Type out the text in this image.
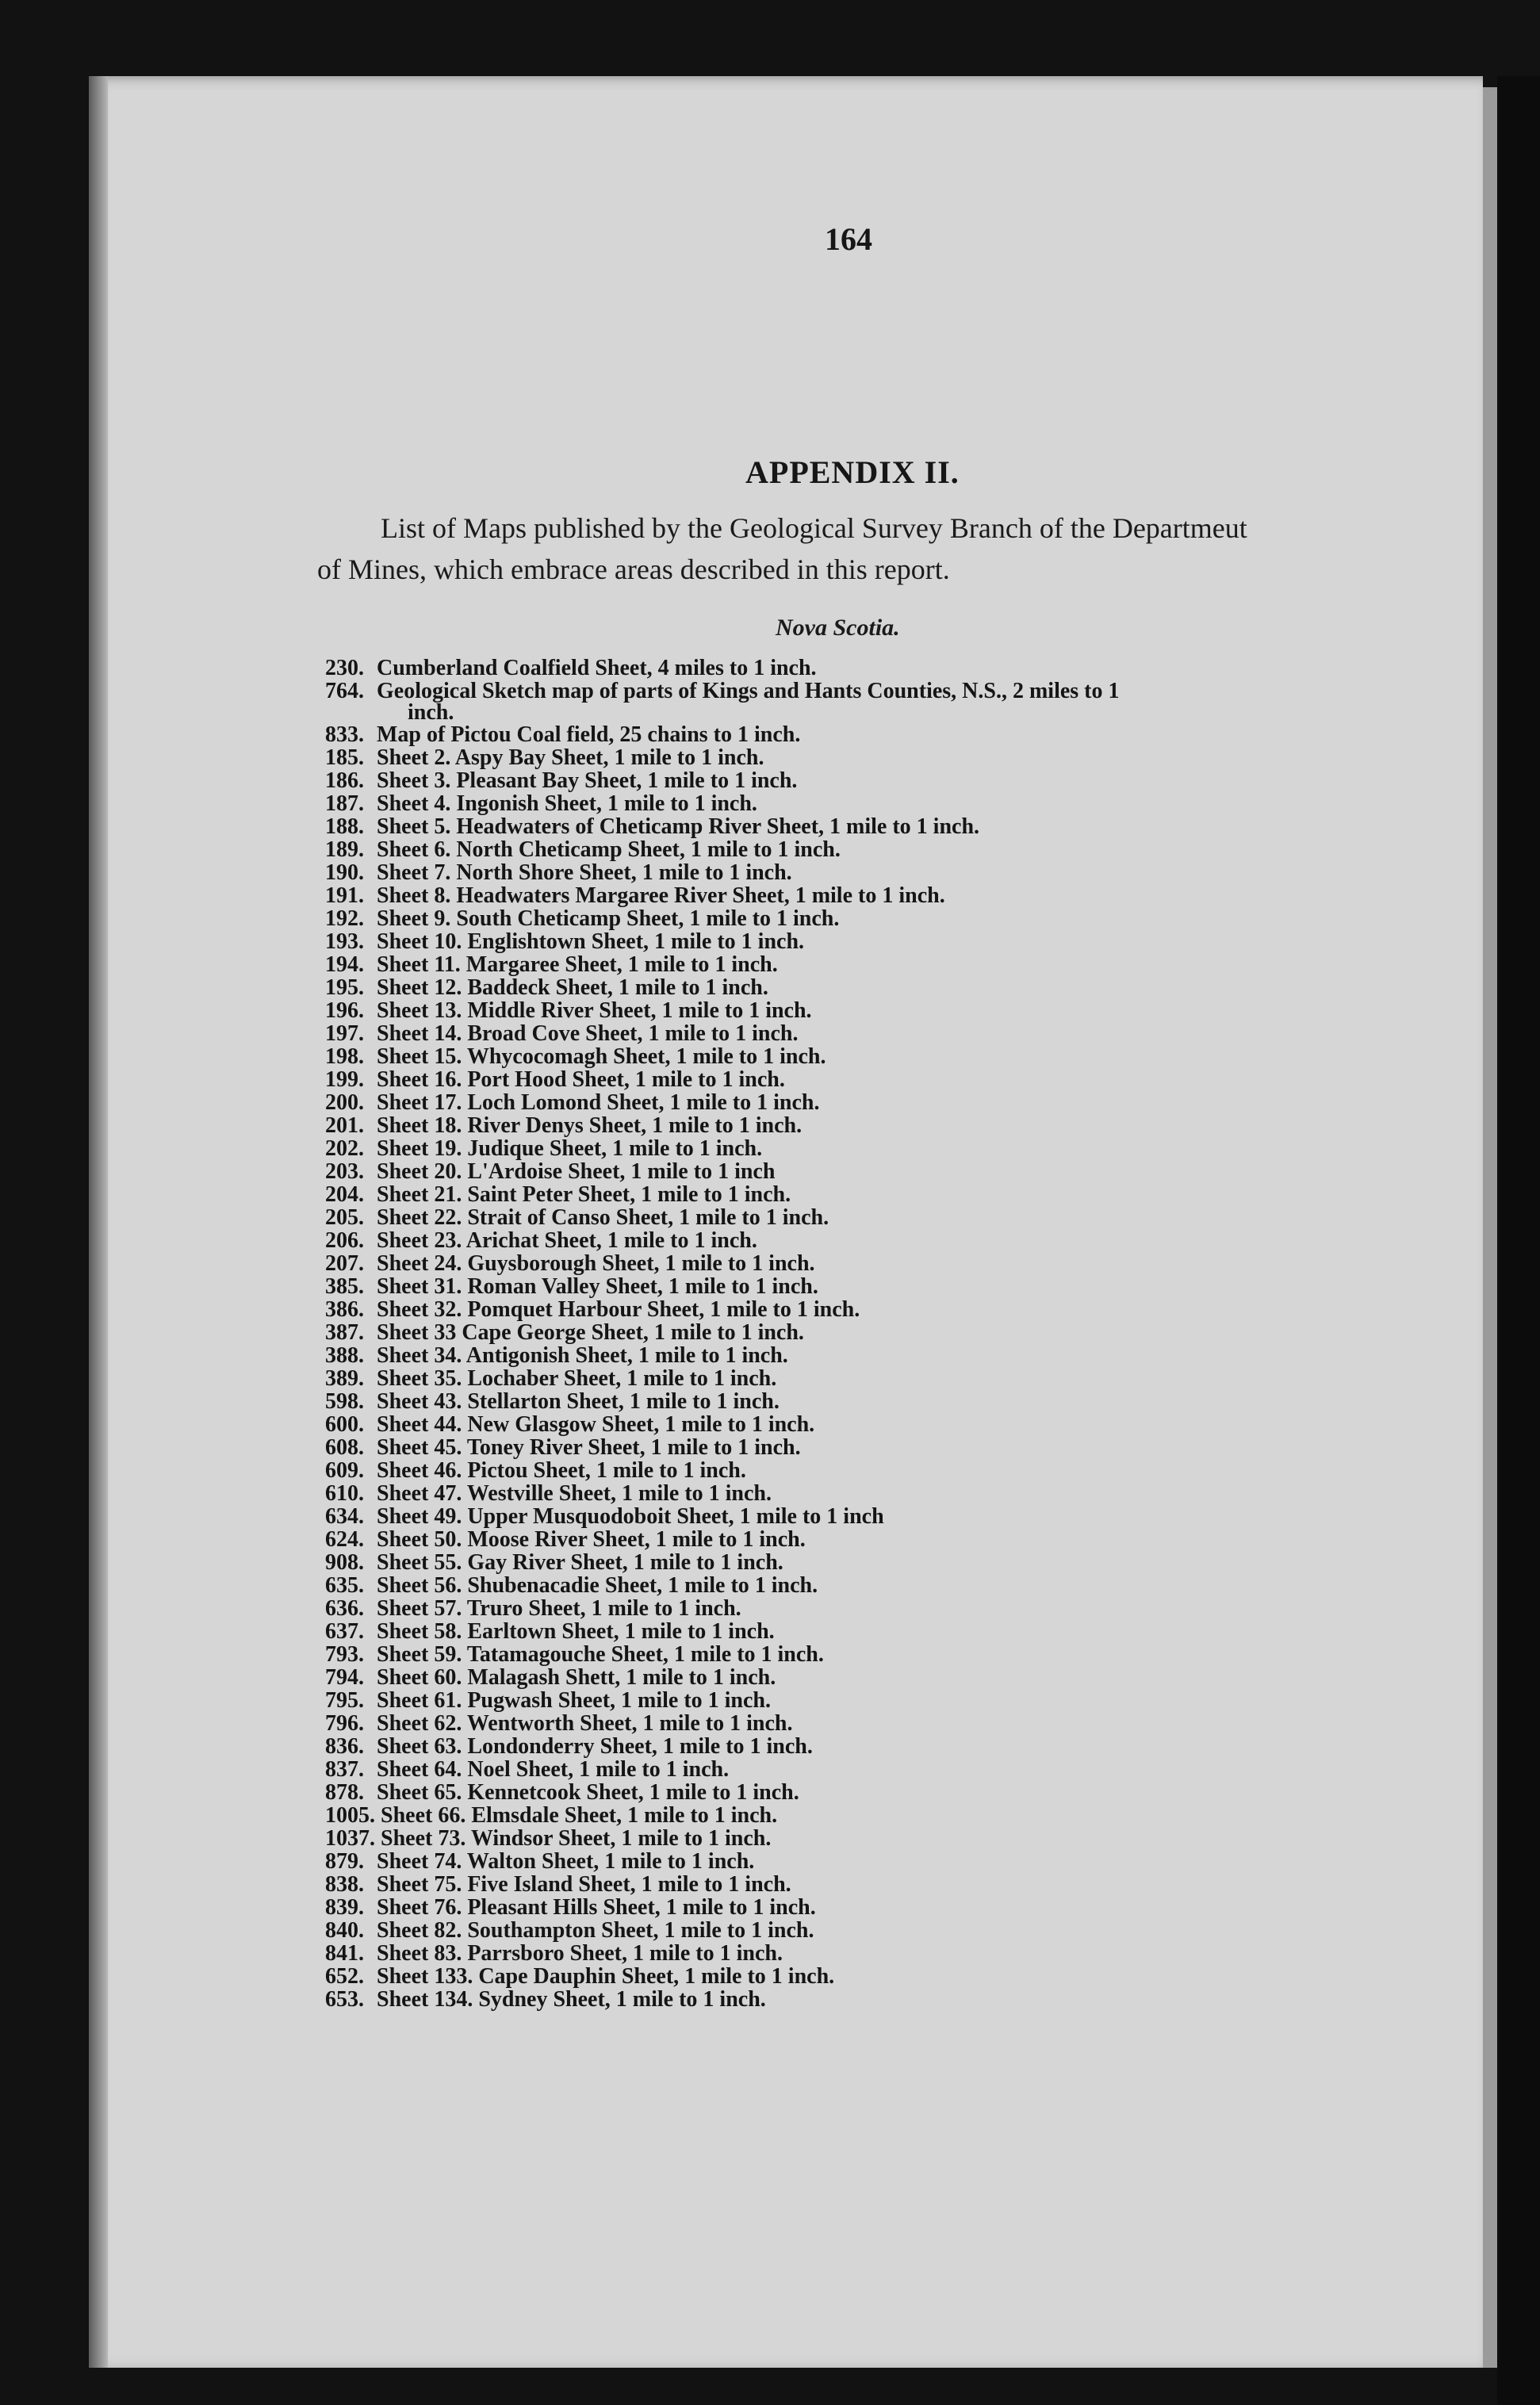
164
APPENDIX II.
List of Maps published by the Geological Survey Branch of the Departmeut
of Mines, which embrace areas described in this report.
Nova Scotia.
230. Cumberland Coalfield Sheet, 4 miles to 1 inch.
764. Geological Sketch map of parts of Kings and Hants Counties, N.S., 2 miles to 1
inch.
833. Map of Pictou Coal field, 25 chains to 1 inch.
185. Sheet 2. Aspy Bay Sheet, 1 mile to 1 inch.
186. Sheet 3. Pleasant Bay Sheet, 1 mile to 1 inch.
187. Sheet 4. Ingonish Sheet, 1 mile to 1 inch.
188. Sheet 5. Headwaters of Cheticamp River Sheet, 1 mile to 1 inch.
189. Sheet 6. North Cheticamp Sheet, 1 mile to 1 inch.
190. Sheet 7. North Shore Sheet, 1 mile to 1 inch.
191. Sheet 8. Headwaters Margaree River Sheet, 1 mile to 1 inch.
192. Sheet 9. South Cheticamp Sheet, 1 mile to 1 inch.
193. Sheet 10. Englishtown Sheet, 1 mile to 1 inch.
194. Sheet 11. Margaree Sheet, 1 mile to 1 inch.
195. Sheet 12. Baddeck Sheet, 1 mile to 1 inch.
196. Sheet 13. Middle River Sheet, 1 mile to 1 inch.
197. Sheet 14. Broad Cove Sheet, 1 mile to 1 inch.
198. Sheet 15. Whycocomagh Sheet, 1 mile to 1 inch.
199. Sheet 16. Port Hood Sheet, 1 mile to 1 inch.
200. Sheet 17. Loch Lomond Sheet, 1 mile to 1 inch.
201. Sheet 18. River Denys Sheet, 1 mile to 1 inch.
202. Sheet 19. Judique Sheet, 1 mile to 1 inch.
203. Sheet 20. L'Ardoise Sheet, 1 mile to 1 inch
204. Sheet 21. Saint Peter Sheet, 1 mile to 1 inch.
205. Sheet 22. Strait of Canso Sheet, 1 mile to 1 inch.
206. Sheet 23. Arichat Sheet, 1 mile to 1 inch.
207. Sheet 24. Guysborough Sheet, 1 mile to 1 inch.
385. Sheet 31. Roman Valley Sheet, 1 mile to 1 inch.
386. Sheet 32. Pomquet Harbour Sheet, 1 mile to 1 inch.
387. Sheet 33 Cape George Sheet, 1 mile to 1 inch.
388. Sheet 34. Antigonish Sheet, 1 mile to 1 inch.
389. Sheet 35. Lochaber Sheet, 1 mile to 1 inch.
598. Sheet 43. Stellarton Sheet, 1 mile to 1 inch.
600. Sheet 44. New Glasgow Sheet, 1 mile to 1 inch.
608. Sheet 45. Toney River Sheet, 1 mile to 1 inch.
609. Sheet 46. Pictou Sheet, 1 mile to 1 inch.
610. Sheet 47. Westville Sheet, 1 mile to 1 inch.
634. Sheet 49. Upper Musquodoboit Sheet, 1 mile to 1 inch
624. Sheet 50. Moose River Sheet, 1 mile to 1 inch.
908. Sheet 55. Gay River Sheet, 1 mile to 1 inch.
635. Sheet 56. Shubenacadie Sheet, 1 mile to 1 inch.
636. Sheet 57. Truro Sheet, 1 mile to 1 inch.
637. Sheet 58. Earltown Sheet, 1 mile to 1 inch.
793. Sheet 59. Tatamagouche Sheet, 1 mile to 1 inch.
794. Sheet 60. Malagash Shett, 1 mile to 1 inch.
795. Sheet 61. Pugwash Sheet, 1 mile to 1 inch.
796. Sheet 62. Wentworth Sheet, 1 mile to 1 inch.
836. Sheet 63. Londonderry Sheet, 1 mile to 1 inch.
837. Sheet 64. Noel Sheet, 1 mile to 1 inch.
878. Sheet 65. Kennetcook Sheet, 1 mile to 1 inch.
1005. Sheet 66. Elmsdale Sheet, 1 mile to 1 inch.
1037. Sheet 73. Windsor Sheet, 1 mile to 1 inch.
879. Sheet 74. Walton Sheet, 1 mile to 1 inch.
838. Sheet 75. Five Island Sheet, 1 mile to 1 inch.
839. Sheet 76. Pleasant Hills Sheet, 1 mile to 1 inch.
840. Sheet 82. Southampton Sheet, 1 mile to 1 inch.
841. Sheet 83. Parrsboro Sheet, 1 mile to 1 inch.
652. Sheet 133. Cape Dauphin Sheet, 1 mile to 1 inch.
653. Sheet 134. Sydney Sheet, 1 mile to 1 inch.
